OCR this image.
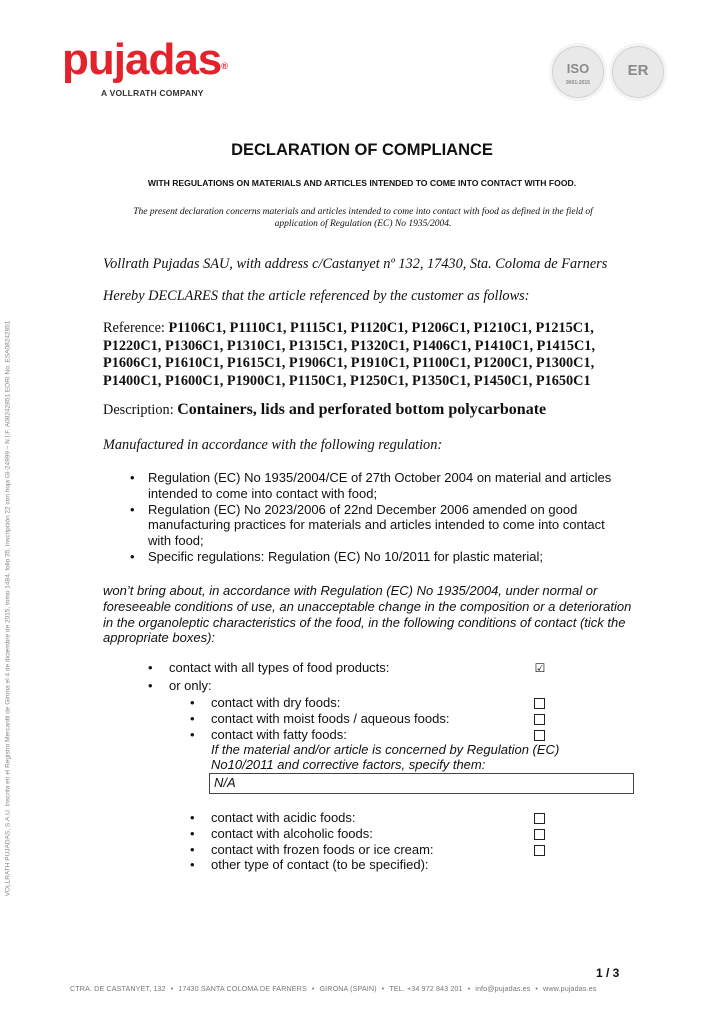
pujadas®
A VOLLRATH COMPANY
ISO
9001:2015
ER
VOLLRATH PUJADAS, S.A.U. Inscrita en el Registro Mercantil de Girona el 4 de diciembre de 2015, tomo 1484, folio 35, inscripción 22 con hoja GI-24999 – N.I.F. A08242851 EORI No. ESA08242851
DECLARATION OF COMPLIANCE
WITH REGULATIONS ON MATERIALS AND ARTICLES INTENDED TO COME INTO CONTACT WITH FOOD.
The present declaration concerns materials and articles intended to come into contact with food as defined in the field of application of Regulation (EC) No 1935/2004.
Vollrath Pujadas SAU, with address c/Castanyet nº 132, 17430, Sta. Coloma de Farners
Hereby DECLARES that the article referenced by the customer as follows:
Reference: P1106C1, P1110C1, P1115C1, P1120C1, P1206C1, P1210C1, P1215C1,
P1220C1, P1306C1, P1310C1, P1315C1, P1320C1, P1406C1, P1410C1, P1415C1,
P1606C1, P1610C1, P1615C1, P1906C1, P1910C1, P1100C1, P1200C1, P1300C1,
P1400C1, P1600C1, P1900C1, P1150C1, P1250C1, P1350C1, P1450C1, P1650C1
Description: Containers, lids and perforated bottom polycarbonate
Manufactured in accordance with the following regulation:
• Regulation (EC) No 1935/2004/CE of 27th October 2004 on material and articles intended to come into contact with food;
• Regulation (EC) No 2023/2006 of 22nd December 2006 amended on good manufacturing practices for materials and articles intended to come into contact with food;
• Specific regulations: Regulation (EC) No 10/2011 for plastic material;
won’t bring about, in accordance with Regulation (EC) No 1935/2004, under normal or foreseeable conditions of use, an unacceptable change in the composition or a deterioration in the organoleptic characteristics of the food, in the following conditions of contact (tick the appropriate boxes):
• contact with all types of food products:	☑
• or only:
• contact with dry foods:
• contact with moist foods / aqueous foods:
• contact with fatty foods:
If the material and/or article is concerned by Regulation (EC)
No10/2011 and corrective factors, specify them:
N/A
• contact with acidic foods:
• contact with alcoholic foods:
• contact with frozen foods or ice cream:
• other type of contact (to be specified):
1 / 3
CTRA. DE CASTANYET, 132 • 17430 SANTA COLOMA DE FARNERS • GIRONA (SPAIN) • TEL. +34 972 843 201 • info@pujadas.es • www.pujadas.es
